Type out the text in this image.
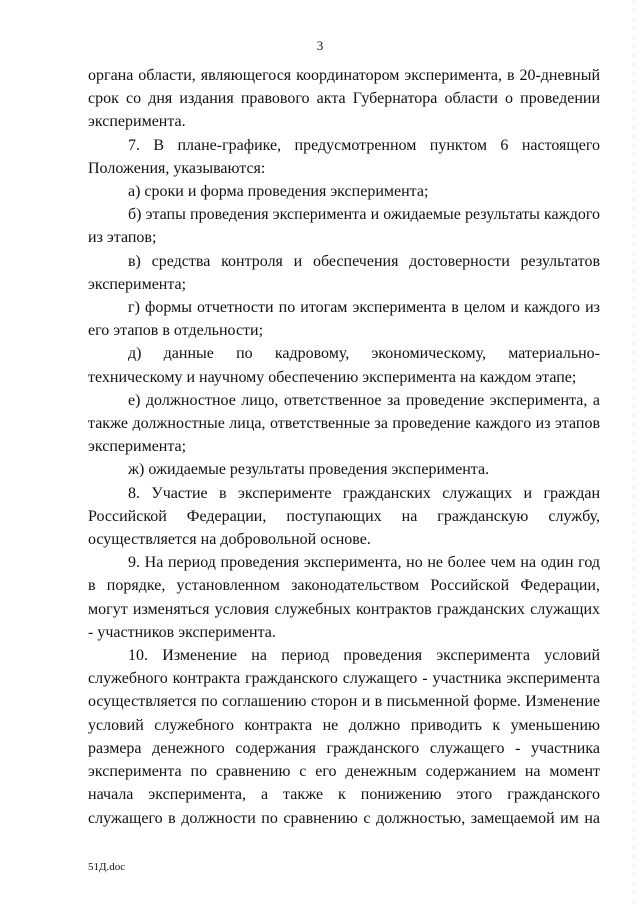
3

органа области, являющегося координатором эксперимента, в 20-дневный срок со дня издания правового акта Губернатора области о проведении эксперимента.

7. В плане-графике, предусмотренном пунктом 6 настоящего Положения, указываются:

а) сроки и форма проведения эксперимента;

б) этапы проведения эксперимента и ожидаемые результаты каждого из этапов;

в) средства контроля и обеспечения достоверности результатов эксперимента;

г) формы отчетности по итогам эксперимента в целом и каждого из его этапов в отдельности;

д) данные по кадровому, экономическому, материально-техническому и научному обеспечению эксперимента на каждом этапе;

е) должностное лицо, ответственное за проведение эксперимента, а также должностные лица, ответственные за проведение каждого из этапов эксперимента;

ж) ожидаемые результаты проведения эксперимента.

8. Участие в эксперименте гражданских служащих и граждан Российской Федерации, поступающих на гражданскую службу, осуществляется на добровольной основе.

9. На период проведения эксперимента, но не более чем на один год в порядке, установленном законодательством Российской Федерации, могут изменяться условия служебных контрактов гражданских служащих - участников эксперимента.

10. Изменение на период проведения эксперимента условий служебного контракта гражданского служащего - участника эксперимента осуществляется по соглашению сторон и в письменной форме. Изменение условий служебного контракта не должно приводить к уменьшению размера денежного содержания гражданского служащего - участника эксперимента по сравнению с его денежным содержанием на момент начала эксперимента, а также к понижению этого гражданского служащего в должности по сравнению с должностью, замещаемой им на

51Д.doc
